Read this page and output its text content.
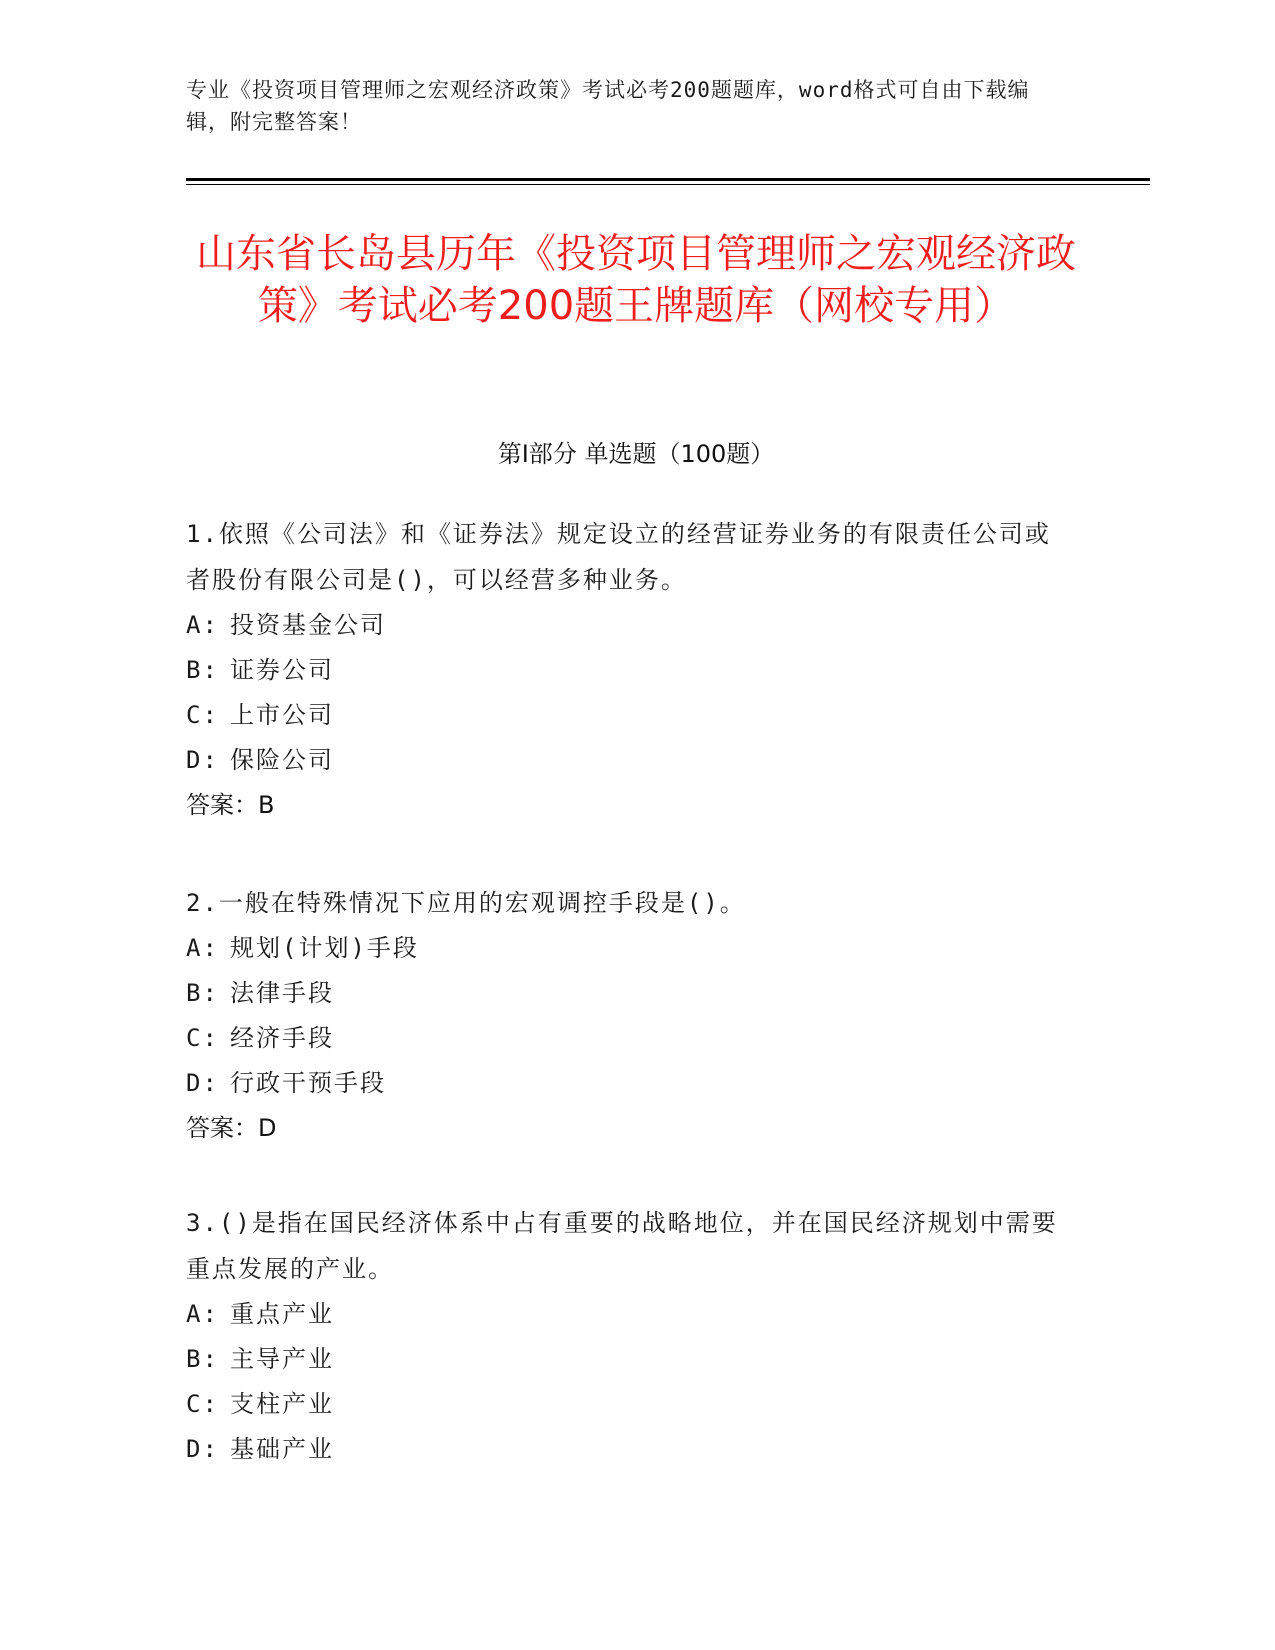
专业《投资项目管理师之宏观经济政策》考试必考200题题库，word格式可自由下载编辑，附完整答案！
山东省长岛县历年《投资项目管理师之宏观经济政策》考试必考200题王牌题库（网校专用）
第I部分 单选题（100题）
1.依照《公司法》和《证券法》规定设立的经营证券业务的有限责任公司或者股份有限公司是()，可以经营多种业务。
A: 投资基金公司
B: 证券公司
C: 上市公司
D: 保险公司
答案：B
2.一般在特殊情况下应用的宏观调控手段是()。
A: 规划(计划)手段
B: 法律手段
C: 经济手段
D: 行政干预手段
答案：D
3.()是指在国民经济体系中占有重要的战略地位，并在国民经济规划中需要重点发展的产业。
A: 重点产业
B: 主导产业
C: 支柱产业
D: 基础产业
